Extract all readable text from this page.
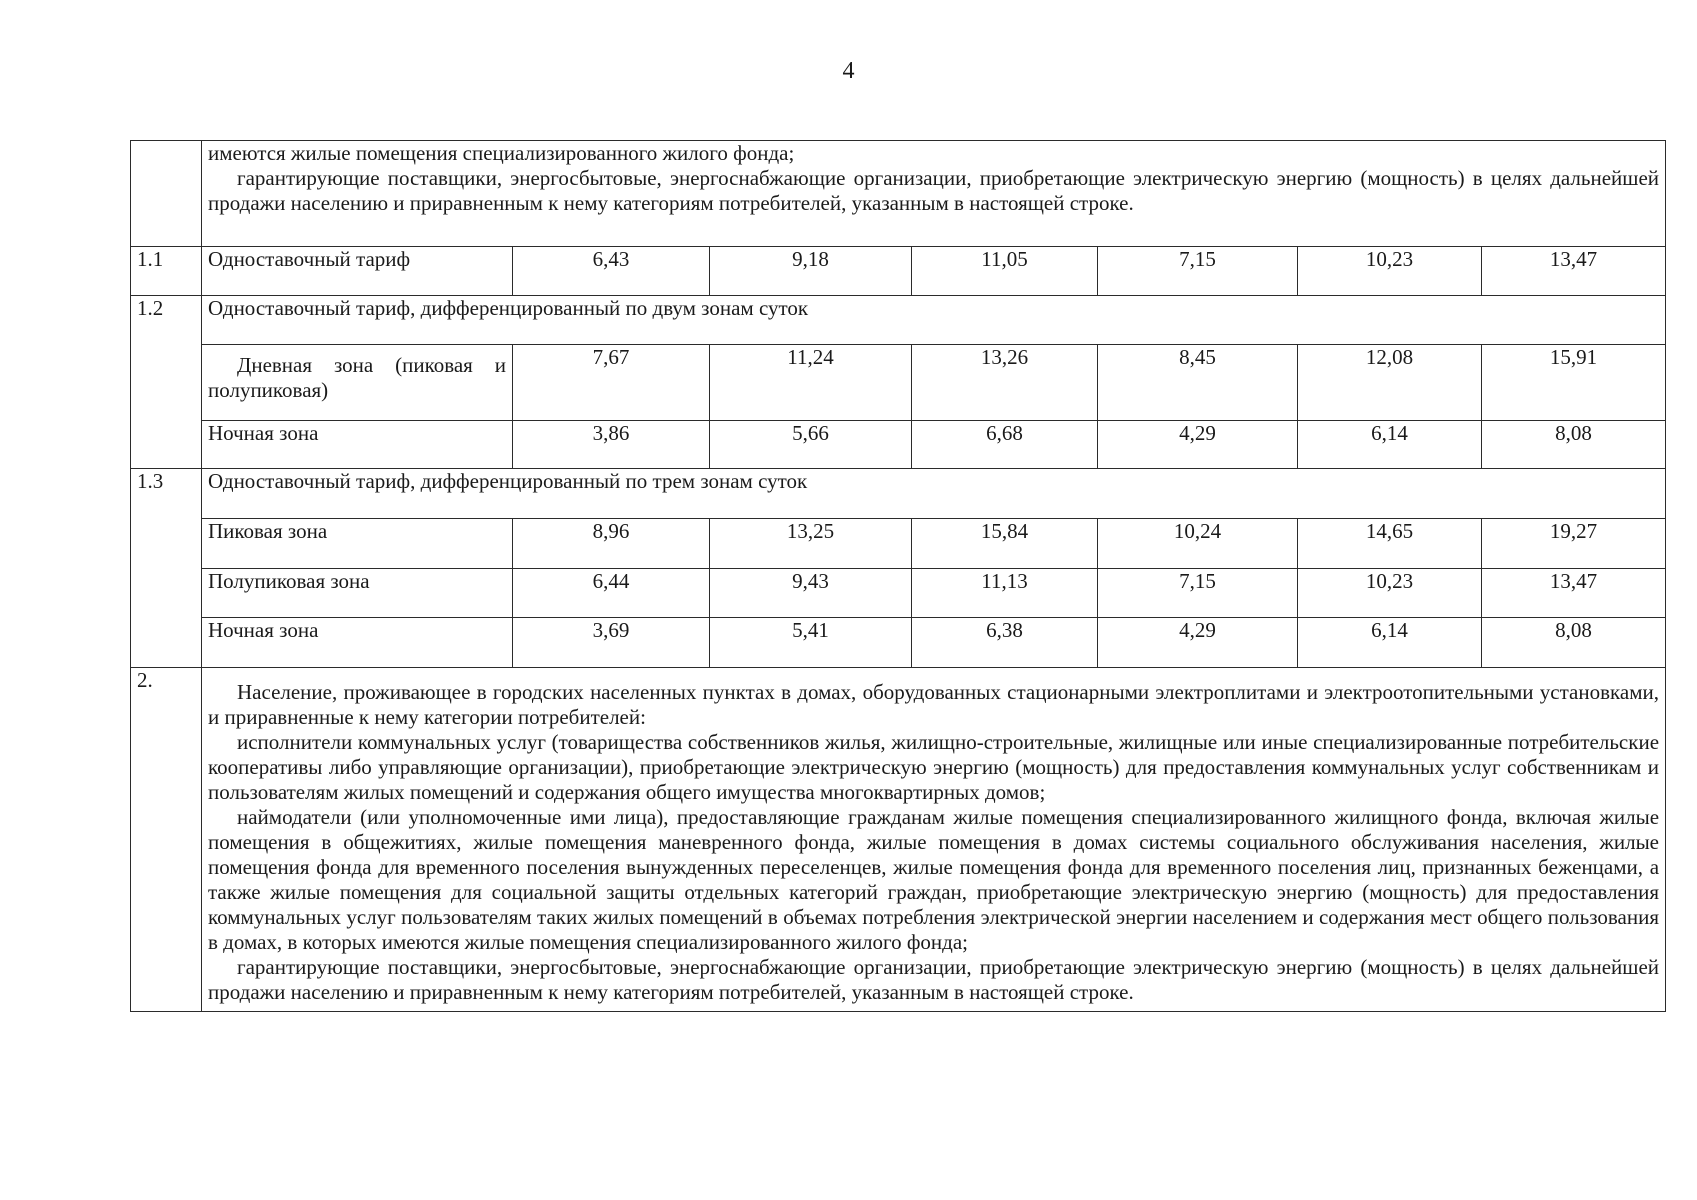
4

	имеются жилые помещения специализированного жилого фонда;

гарантирующие поставщики, энергосбытовые, энергоснабжающие организации, приобретающие электрическую энергию (мощность) в целях дальнейшей продажи населению и приравненным к нему категориям потребителей, указанным в настоящей строке.						

1.1	Одноставочный тариф	6,43	9,18	11,05	7,15	10,23	13,47
1.2	Одноставочный тариф, дифференцированный по двум зонам суток						
	Дневная зона (пиковая и полупиковая)	7,67	11,24	13,26	8,45	12,08	15,91
	Ночная зона	3,86	5,66	6,68	4,29	6,14	8,08
1.3	Одноставочный тариф, дифференцированный по трем зонам суток						
	Пиковая зона	8,96	13,25	15,84	10,24	14,65	19,27
	Полупиковая зона	6,44	9,43	11,13	7,15	10,23	13,47
	Ночная зона	3,69	5,41	6,38	4,29	6,14	8,08
2.	Население, проживающее в городских населенных пунктах в домах, оборудованных стационарными электроплитами и электроотопительными установками, и приравненные к нему категории потребителей:

исполнители коммунальных услуг (товарищества собственников жилья, жилищно-строительные, жилищные или иные специализированные потребительские кооперативы либо управляющие организации), приобретающие электрическую энергию (мощность) для предоставления коммунальных услуг собственникам и пользователям жилых помещений и содержания общего имущества многоквартирных домов;

наймодатели (или уполномоченные ими лица), предоставляющие гражданам жилые помещения специализированного жилищного фонда, включая жилые помещения в общежитиях, жилые помещения маневренного фонда, жилые помещения в домах системы социального обслуживания населения, жилые помещения фонда для временного поселения вынужденных переселенцев, жилые помещения фонда для временного поселения лиц, признанных беженцами, а также жилые помещения для социальной защиты отдельных категорий граждан, приобретающие электрическую энергию (мощность) для предоставления коммунальных услуг пользователям таких жилых помещений в объемах потребления электрической энергии населением и содержания мест общего пользования в домах, в которых имеются жилые помещения специализированного жилого фонда;

гарантирующие поставщики, энергосбытовые, энергоснабжающие организации, приобретающие электрическую энергию (мощность) в целях дальнейшей продажи населению и приравненным к нему категориям потребителей, указанным в настоящей строке.						
